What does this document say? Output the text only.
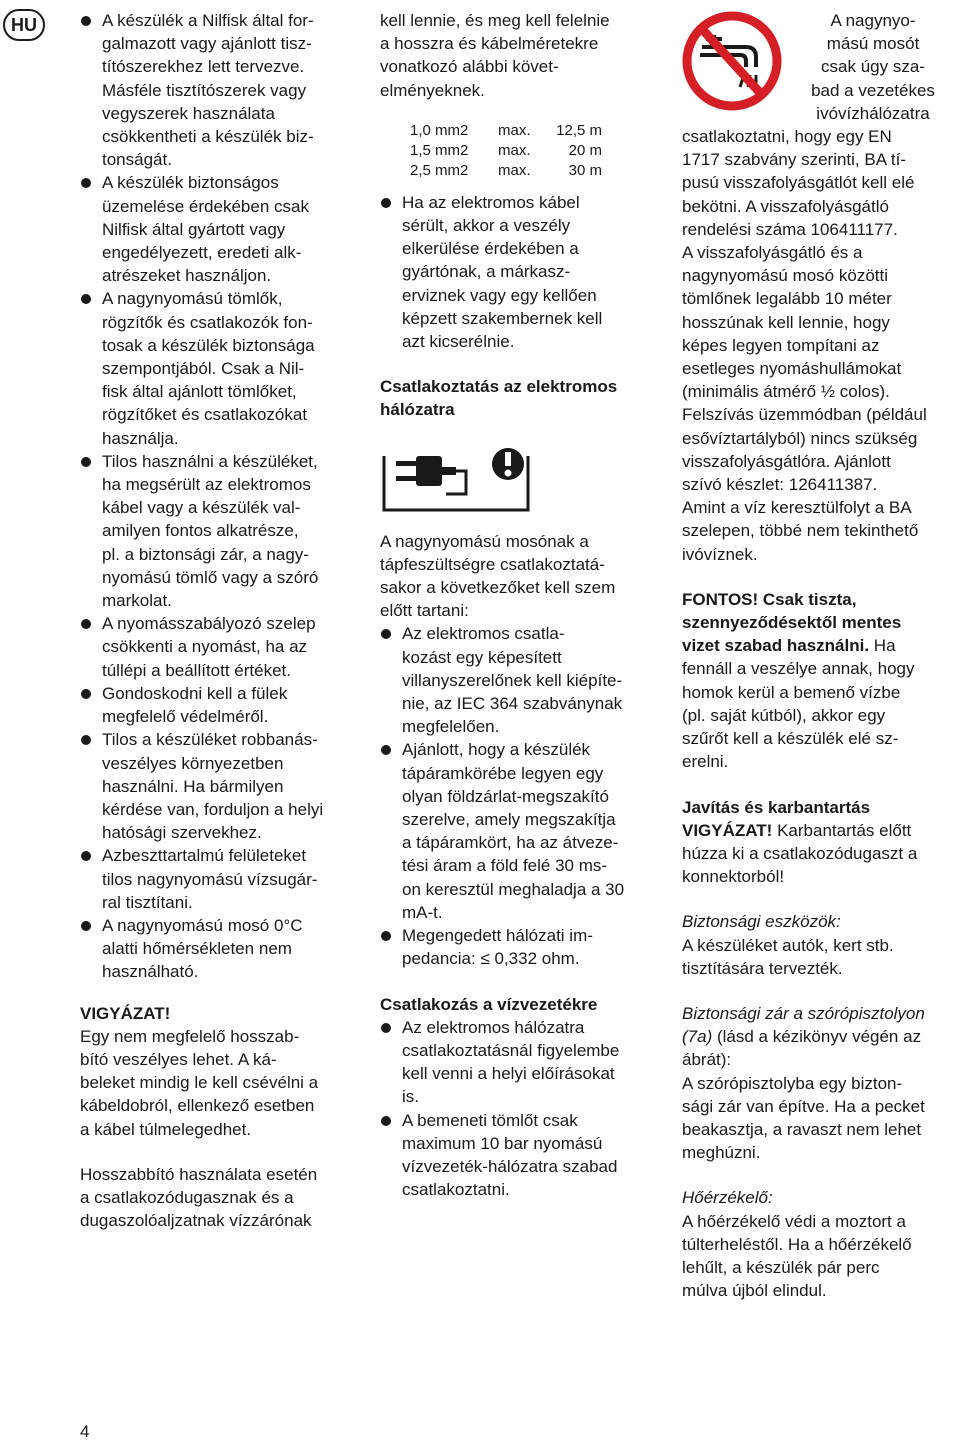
HU	A készülék a Nilfisk által for-
galmazott vagy ajánlott tisz-
títószerekhez lett tervezve.
Másféle tisztítószerek vagy
vegyszerek használata
csökkentheti a készülék biz-
tonságát.
A készülék biztonságos
üzemelése érdekében csak
Nilfisk által gyártott vagy
engedélyezett, eredeti alk-
atrészeket használjon.
A nagynyomású tömlők,
rögzítők és csatlakozók fon-
tosak a készülék biztonsága
szempontjából. Csak a Nil-
fisk által ajánlott tömlőket,
rögzítőket és csatlakozókat
használja.
Tilos használni a készüléket,
ha megsérült az elektromos
kábel vagy a készülék val-
amilyen fontos alkatrésze,
pl. a biztonsági zár, a nagy-
nyomású tömlő vagy a szóró
markolat.
A nyomásszabályozó szelep
csökkenti a nyomást, ha az
túllépi a beállított értéket.
Gondoskodni kell a fülek
megfelelő védelméről.
Tilos a készüléket robbanás-
veszélyes környezetben
használni. Ha bármilyen
kérdése van, forduljon a helyi
hatósági szervekhez.
Azbeszttartalmú felületeket
tilos nagynyomású vízsugár-
ral tisztítani.
A nagynyomású mosó 0°C
alatti hőmérsékleten nem
használható.

VIGYÁZAT!

Egy nem megfelelő hosszab-
bító veszélyes lehet. A ká-
beleket mindig le kell csévélni a
kábeldobról, ellenkező esetben
a kábel túlmelegedhet.

Hosszabbító használata esetén
a csatlakozódugasznak és a
dugaszolóaljzatnak vízzárónak

kell lennie, és meg kell felelnie
a hosszra és kábelméretekre
vonatkozó alábbi követ-
elményeknek.

1,0 mm2	max.	12,5 m
1,5 mm2	max.	20 m
2,5 mm2	max.	30 m
Ha az elektromos kábel
sérült, akkor a veszély
elkerülése érdekében a
gyártónak, a márkasz-
erviznek vagy egy kellően
képzett szakembernek kell
azt kicserélnie.

Csatlakoztatás az elektromos
hálózatra

A nagynyomású mosónak a
tápfeszültségre csatlakoztatá-
sakor a következőket kell szem
előtt tartani:

Az elektromos csatla-
kozást egy képesített
villanyszerelőnek kell kiépíte-
nie, az IEC 364 szabványnak
megfelelően.
Ajánlott, hogy a készülék
tápáramkörébe legyen egy
olyan földzárlat-megszakító
szerelve, amely megszakítja
a tápáramkört, ha az átveze-
tési áram a föld felé 30 ms-
on keresztül meghaladja a 30
mA-t.
Megengedett hálózati im-
pedancia: ≤ 0,332 ohm.

Csatlakozás a vízvezetékre

Az elektromos hálózatra
csatlakoztatásnál figyelembe
kell venni a helyi előírásokat
is.
A bemeneti tömlőt csak
maximum 10 bar nyomású
vízvezeték-hálózatra szabad
csatlakoztatni.

A nagynyo-
mású mosót
csak úgy sza-
bad a vezetékes
ivóvízhálózatra

csatlakoztatni, hogy egy EN
1717 szabvány szerinti, BA tí-
pusú visszafolyásgátlót kell elé
bekötni. A visszafolyásgátló
rendelési száma 106411177.
A visszafolyásgátló és a
nagynyomású mosó közötti
tömlőnek legalább 10 méter
hosszúnak kell lennie, hogy
képes legyen tompítani az
esetleges nyomáshullámokat
(minimális átmérő ½ colos).
Felszívás üzemmódban (például
esővíztartályból) nincs szükség
visszafolyásgátlóra. Ajánlott
szívó készlet: 126411387.
Amint a víz keresztülfolyt a BA
szelepen, többé nem tekinthető
ivóvíznek.

FONTOS! Csak tiszta,
szennyeződésektől mentes
vizet szabad használni. Ha
fennáll a veszélye annak, hogy
homok kerül a bemenő vízbe
(pl. saját kútból), akkor egy
szűrőt kell a készülék elé sz-
erelni.

Javítás és karbantartás

VIGYÁZAT! Karbantartás előtt
húzza ki a csatlakozódugaszt a
konnektorból!

Biztonsági eszközök:

A készüléket autók, kert stb.
tisztítására tervezték.

Biztonsági zár a szórópisztolyon
(7a) (lásd a kézikönyv végén az
ábrát):
A szórópisztolyba egy bizton-
sági zár van építve. Ha a pecket
beakasztja, a ravaszt nem lehet
meghúzni.

Hőérzékelő:

A hőérzékelő védi a moztort a
túlterheléstől. Ha a hőérzékelő
lehűlt, a készülék pár perc
múlva újból elindul.

4
